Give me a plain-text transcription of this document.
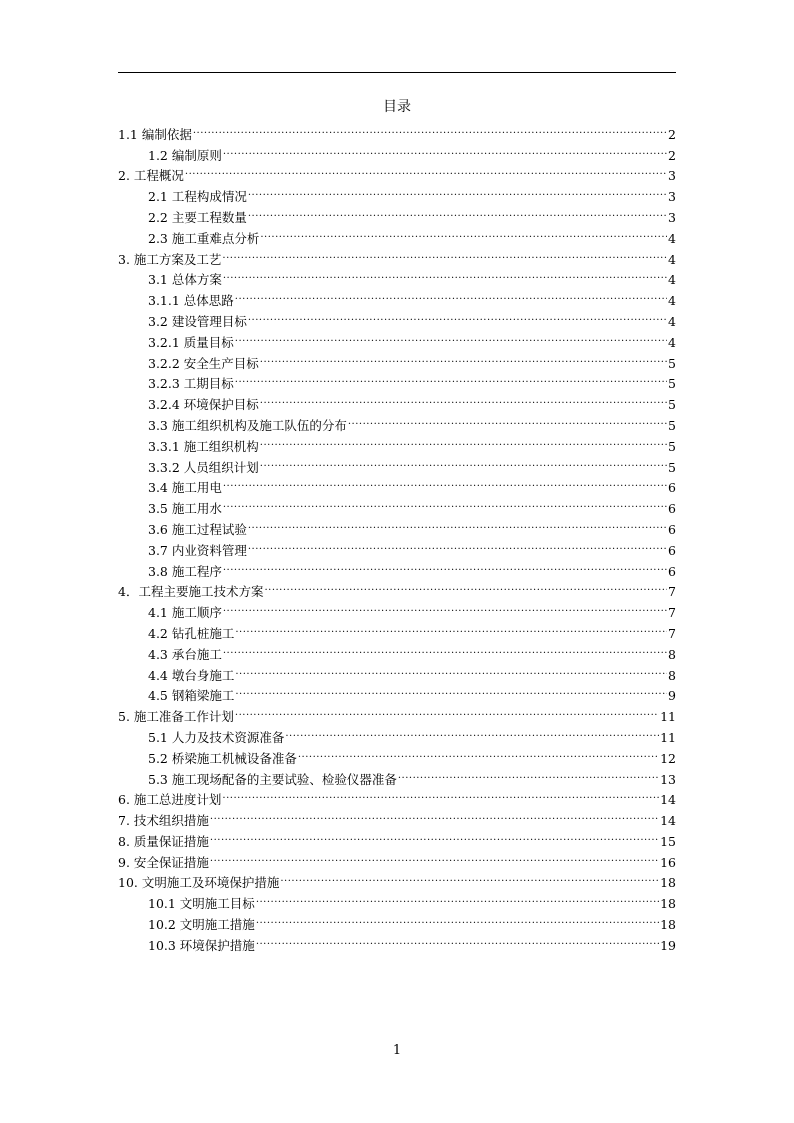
目录
1.1 编制依据 .....	2
1.2 编制原则 .....	2
2. 工程概况 .....	3
2.1 工程构成情况 .....	3
2.2 主要工程数量 .....	3
2.3 施工重难点分析 .....	4
3. 施工方案及工艺 .....	4
3.1 总体方案 .....	4
3.1.1 总体思路 .....	4
3.2 建设管理目标 .....	4
3.2.1 质量目标 .....	4
3.2.2 安全生产目标 .....	5
3.2.3 工期目标 .....	5
3.2.4 环境保护目标 .....	5
3.3 施工组织机构及施工队伍的分布 .....	5
3.3.1 施工组织机构 .....	5
3.3.2 人员组织计划 .....	5
3.4 施工用电 .....	6
3.5 施工用水 .....	6
3.6 施工过程试验 .....	6
3.7 内业资料管理 .....	6
3.8 施工程序 .....	6
4．工程主要施工技术方案 .....	7
4.1 施工顺序 .....	7
4.2 钻孔桩施工 .....	7
4.3 承台施工 .....	8
4.4 墩台身施工 .....	8
4.5 钢箱梁施工 .....	9
5. 施工准备工作计划 .....	11
5.1 人力及技术资源准备 .....	11
5.2 桥梁施工机械设备准备 .....	12
5.3 施工现场配备的主要试验、检验仪器准备 .....	13
6. 施工总进度计划 .....	14
7. 技术组织措施 .....	14
8. 质量保证措施 .....	15
9. 安全保证措施 .....	16
10. 文明施工及环境保护措施 .....	18
10.1 文明施工目标 .....	18
10.2 文明施工措施 .....	18
10.3 环境保护措施 .....	19
1
